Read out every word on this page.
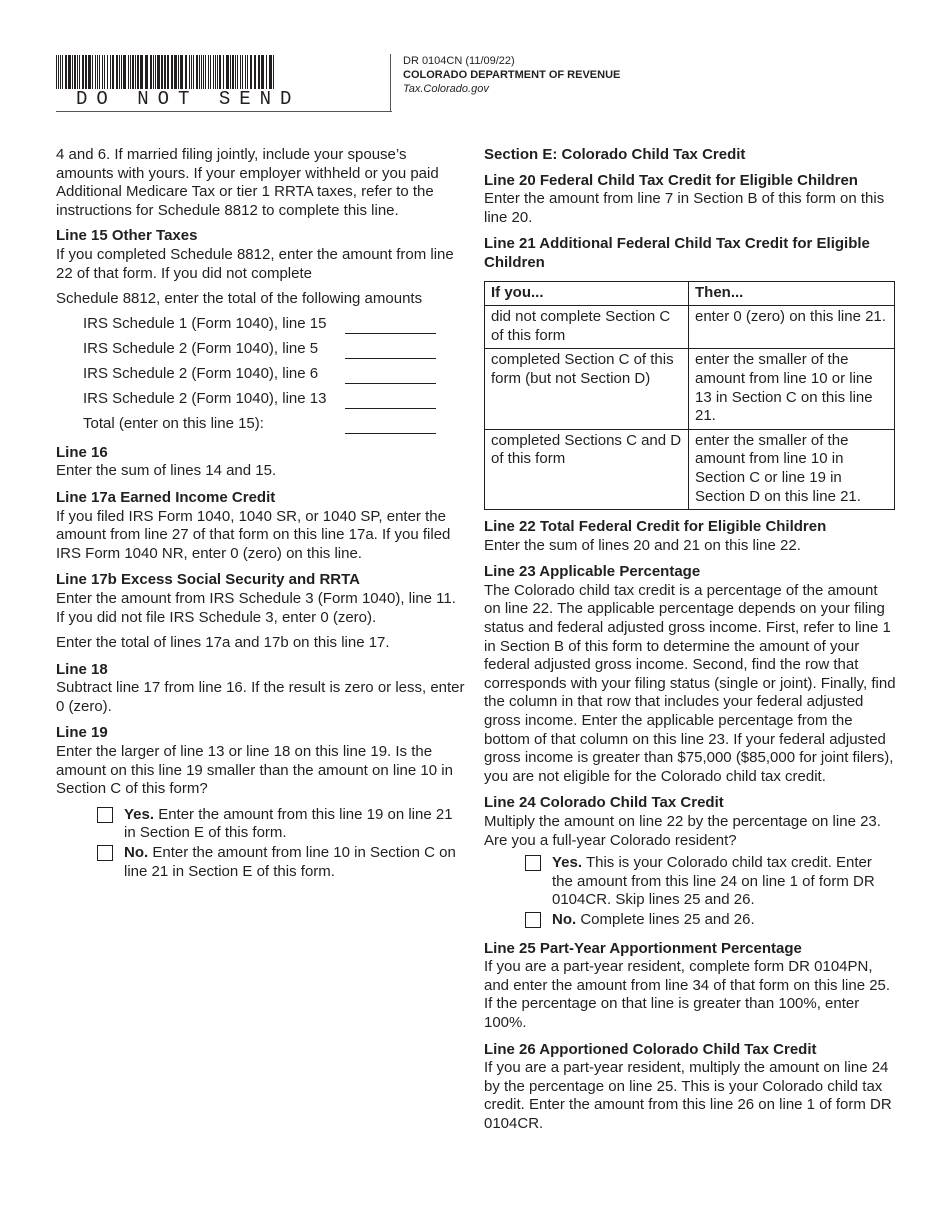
DO NOT SEND
DR 0104CN (11/09/22)
COLORADO DEPARTMENT OF REVENUE
Tax.Colorado.gov

4 and 6. If married filing jointly, include your spouse’s amounts with yours. If your employer withheld or you paid Additional Medicare Tax or tier 1 RRTA taxes, refer to the instructions for Schedule 8812 to complete this line.

Line 15 Other Taxes

If you completed Schedule 8812, enter the amount from line 22 of that form. If you did not complete

Schedule 8812, enter the total of the following amounts

IRS Schedule 1 (Form 1040), line 15
IRS Schedule 2 (Form 1040), line 5
IRS Schedule 2 (Form 1040), line 6
IRS Schedule 2 (Form 1040), line 13
Total (enter on this line 15):
Line 16

Enter the sum of lines 14 and 15.

Line 17a Earned Income Credit

If you filed IRS Form 1040, 1040 SR, or 1040 SP, enter the amount from line 27 of that form on this line 17a. If you filed IRS Form 1040 NR, enter 0 (zero) on this line.

Line 17b Excess Social Security and RRTA

Enter the amount from IRS Schedule 3 (Form 1040), line 11. If you did not file IRS Schedule 3, enter 0 (zero).

Enter the total of lines 17a and 17b on this line 17.

Line 18

Subtract line 17 from line 16. If the result is zero or less, enter 0 (zero).

Line 19

Enter the larger of line 13 or line 18 on this line 19. Is the amount on this line 19 smaller than the amount on line 10 in Section C of this form?

Yes. Enter the amount from this line 19 on line 21 in Section E of this form.
No. Enter the amount from line 10 in Section C on line 21 in Section E of this form.
Section E: Colorado Child Tax Credit
Line 20 Federal Child Tax Credit for Eligible Children

Enter the amount from line 7 in Section B of this form on this line 20.

Line 21 Additional Federal Child Tax Credit for Eligible Children
If you...	Then...
did not complete Section C of this form	enter 0 (zero) on this line 21.
completed Section C of this form (but not Section D)	enter the smaller of the amount from line 10 or line 13 in Section C on this line 21.
completed Sections C and D of this form	enter the smaller of the amount from line 10 in Section C or line 19 in Section D on this line 21.
Line 22 Total Federal Credit for Eligible Children

Enter the sum of lines 20 and 21 on this line 22.

Line 23 Applicable Percentage

The Colorado child tax credit is a percentage of the amount on line 22. The applicable percentage depends on your filing status and federal adjusted gross income. First, refer to line 1 in Section B of this form to determine the amount of your federal adjusted gross income. Second, find the row that corresponds with your filing status (single or joint). Finally, find the column in that row that includes your federal adjusted gross income. Enter the applicable percentage from the bottom of that column on this line 23. If your federal adjusted gross income is greater than $75,000 ($85,000 for joint filers), you are not eligible for the Colorado child tax credit.

Line 24 Colorado Child Tax Credit

Multiply the amount on line 22 by the percentage on line 23. Are you a full-year Colorado resident?

Yes. This is your Colorado child tax credit. Enter the amount from this line 24 on line 1 of form DR 0104CR. Skip lines 25 and 26.
No. Complete lines 25 and 26.
Line 25 Part-Year Apportionment Percentage

If you are a part-year resident, complete form DR 0104PN, and enter the amount from line 34 of that form on this line 25. If the percentage on that line is greater than 100%, enter 100%.

Line 26 Apportioned Colorado Child Tax Credit

If you are a part-year resident, multiply the amount on line 24 by the percentage on line 25. This is your Colorado child tax credit. Enter the amount from this line 26 on line 1 of form DR 0104CR.
